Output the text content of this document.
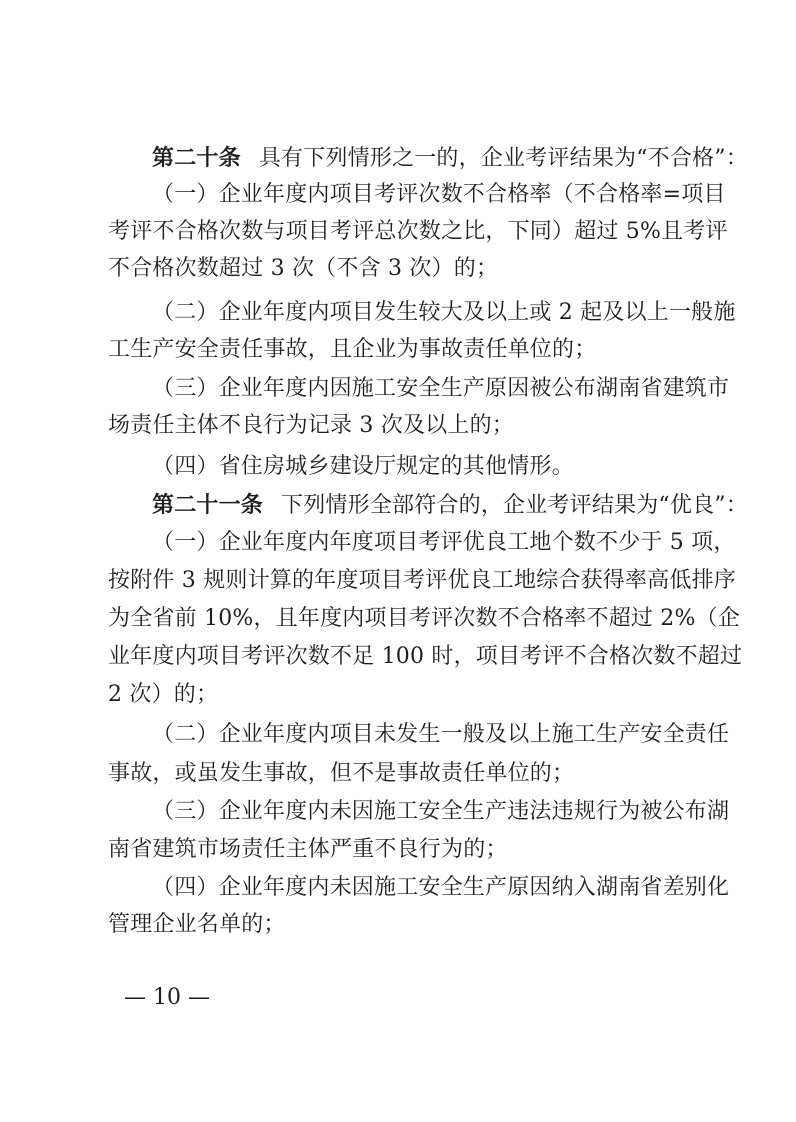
第二十条 具有下列情形之一的，企业考评结果为“不合格”：
（一）企业年度内项目考评次数不合格率（不合格率=项目
考评不合格次数与项目考评总次数之比，下同）超过 5%且考评
不合格次数超过 3 次（不含 3 次）的；
（二）企业年度内项目发生较大及以上或 2 起及以上一般施
工生产安全责任事故，且企业为事故责任单位的；
（三）企业年度内因施工安全生产原因被公布湖南省建筑市
场责任主体不良行为记录 3 次及以上的；
（四）省住房城乡建设厅规定的其他情形。
第二十一条 下列情形全部符合的，企业考评结果为“优良”：
（一）企业年度内年度项目考评优良工地个数不少于 5 项，
按附件 3 规则计算的年度项目考评优良工地综合获得率高低排序
为全省前 10%，且年度内项目考评次数不合格率不超过 2%（企
业年度内项目考评次数不足 100 时，项目考评不合格次数不超过
2 次）的；
（二）企业年度内项目未发生一般及以上施工生产安全责任
事故，或虽发生事故，但不是事故责任单位的；
（三）企业年度内未因施工安全生产违法违规行为被公布湖
南省建筑市场责任主体严重不良行为的；
（四）企业年度内未因施工安全生产原因纳入湖南省差别化
管理企业名单的；
— 10 —
